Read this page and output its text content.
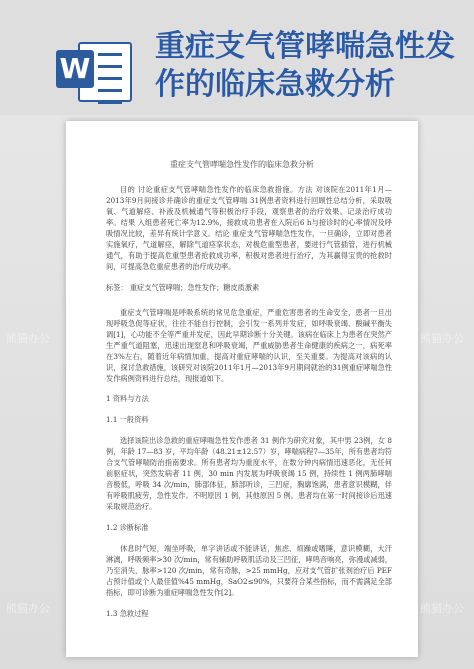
W
重症支气管哮喘急性发作的临床急救分析
重症支气管哮喘急性发作的临床急救分析

目的 讨论重症支气管哮喘急性发作的临床急救措施。方法 对该院在2011年1月—2013年9月间接诊并确诊的重症支气管哮喘 31例患者资料进行回顾性总结分析，采取吸氧、气道解痉、补液及机械通气等积极治疗手段，观察患者的治疗效果。记录治疗成功率。结果 入组患者死亡率为12.9%，接救成功患者在入院后6 h与接诊时的心率情况及呼吸情况比较，差异有统计学意义。结论 重症支气管哮喘急性发作，一旦确诊，立即对患者实施氧疗，气道解痉，解除气道痉挛状态，对极危重型患者，要进行气管插管，进行机械通气，有助于提高危重型患者抢救成功率，积极对患者进行治疗，为其赢得宝贵的抢救时间，可提高急危重症患者的治疗成功率。

标签： 重症支气管哮喘；急性发作；糖皮质激素

重症支气管哮喘是呼吸系统的常见危急重症，严重危害患者的生命安全，患者一旦出现呼吸急促等症状，往往不能自行控制，会引发一系列并发症，如呼吸衰竭、酸碱平衡失调[1]，心功能不全等严重并发症，因此早期诊断十分关键。该病在临床上为患者在突然产生严重气道阻塞，迅速出现窒息和呼吸衰竭，严重威胁患者生命健康的疾病之一，病死率在3%左右，随着近年病情加重，提高对重症哮喘的认识，至关重要。为提高对该病的认识，探讨急救措施，该研究对该院2011年1月—2013年9月期间就治的31例重症哮喘急性发作病例资料进行总结，现报道如下。

1 资料与方法
1.1 一般资料

选择该院出诊急救的重症哮喘急性发作患者 31 例作为研究对象，其中男 23例，女 8例，年龄 17—83 岁，平均年龄（48.21±12.57）岁，哮喘病程7—35年，所有患者均符合支气管哮喘防治指南要求。所有患者均为重度水平，在数分钟内病情迅速恶化，无任何前驱症状，突然发病者 11 例，30 min 内发展为呼吸衰竭 15 例，持续性 1 例两肺哮喘音极低，呼吸 34 次/min，肺部体征，肺部听诊，三凹症，胸廓饱满，患者意识模糊，伴有呼吸肌疲劳，急性发作。不明原因 1 例，其他原因 5 例。患者均在第一时间接诊后迅速采取规范治疗。

1.2 诊断标准

休息时气短，端坐呼吸，单字讲话或不能讲话，焦虑、烦躁或嗜睡，意识模糊，大汗淋漓，呼吸频率>30 次/min，常有辅助呼吸肌活动及三凹征，哮鸣音响亮，弥漫或减弱，乃至消失，脉率>120 次/min，常有奇脉，>25 mmHg，应对支气管扩张剂治疗后 PEF 占预计值或个人最佳值%45 mmHg，SaO2≤90%，只要符合某些指标，而不需满足全部指标，即可诊断为重症哮喘急性发作[2]。

1.3 急救过程
熊猫办公	熊猫办公
熊猫办公	熊猫办公
